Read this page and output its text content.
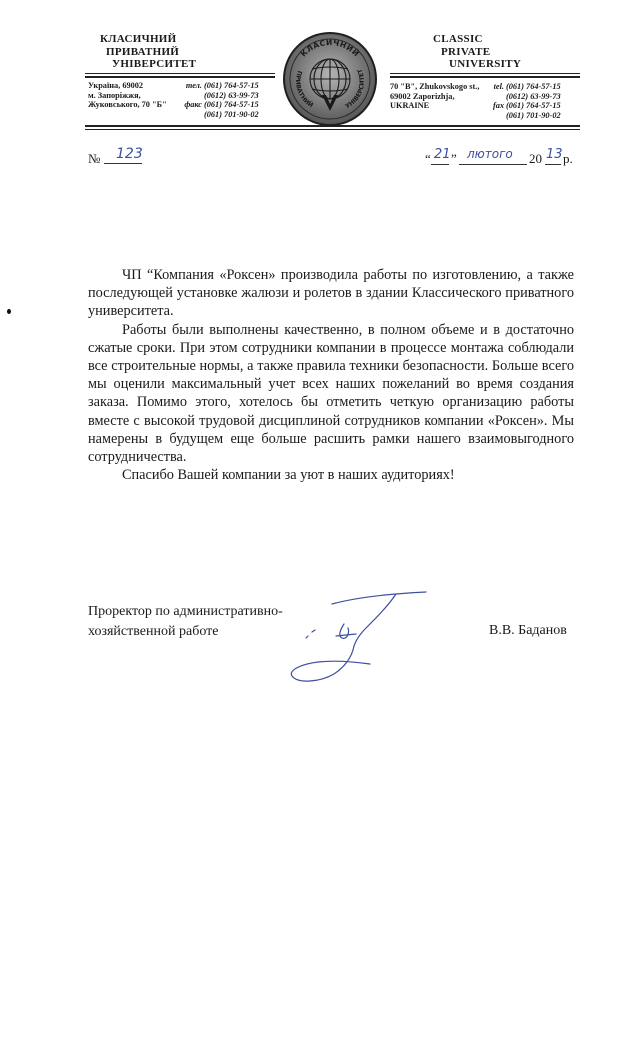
КЛАСИЧНИЙ
ПРИВАТНИЙ
УНІВЕРСИТЕТ
CLASSIC
PRIVATE
UNIVERSITY
Україна, 69002
м. Запоріжжя,
Жуковського, 70 "Б"
тел. (061) 764-57-15
(0612) 63-99-73
факс (061) 764-57-15
(061) 701-90-02
70 "B", Zhukovskogo st.,
69002 Zaporizhja,
UKRAINE
tel. (061) 764-57-15
(0612) 63-99-73
fax (061) 764-57-15
(061) 701-90-02
КЛАСИЧНИЙ
ПРИВАТНИЙ	УНІВЕРСИТЕТ
№ 123	“ 21 ” лютого 20 13 р.

ЧП “Компания «Роксен» производила работы по изготовлению, а также последующей установке жалюзи и ролетов в здании Классического приватного университета.

Работы были выполнены качественно, в полном объеме и в достаточно сжатые сроки. При этом сотрудники компании в процессе монтажа соблюдали все строительные нормы, а также правила техники безопасности. Больше всего мы оценили максимальный учет всех наших пожеланий во время создания заказа. Помимо этого, хотелось бы отметить четкую организацию работы вместе с высокой трудовой дисциплиной сотрудников компании «Роксен». Мы намерены в будущем еще больше расшить рамки нашего взаимовыгодного сотрудничества.

Спасибо Вашей компании за уют в наших аудиториях!

Проректор по административно-
хозяйственной работе	В.В. Баданов
